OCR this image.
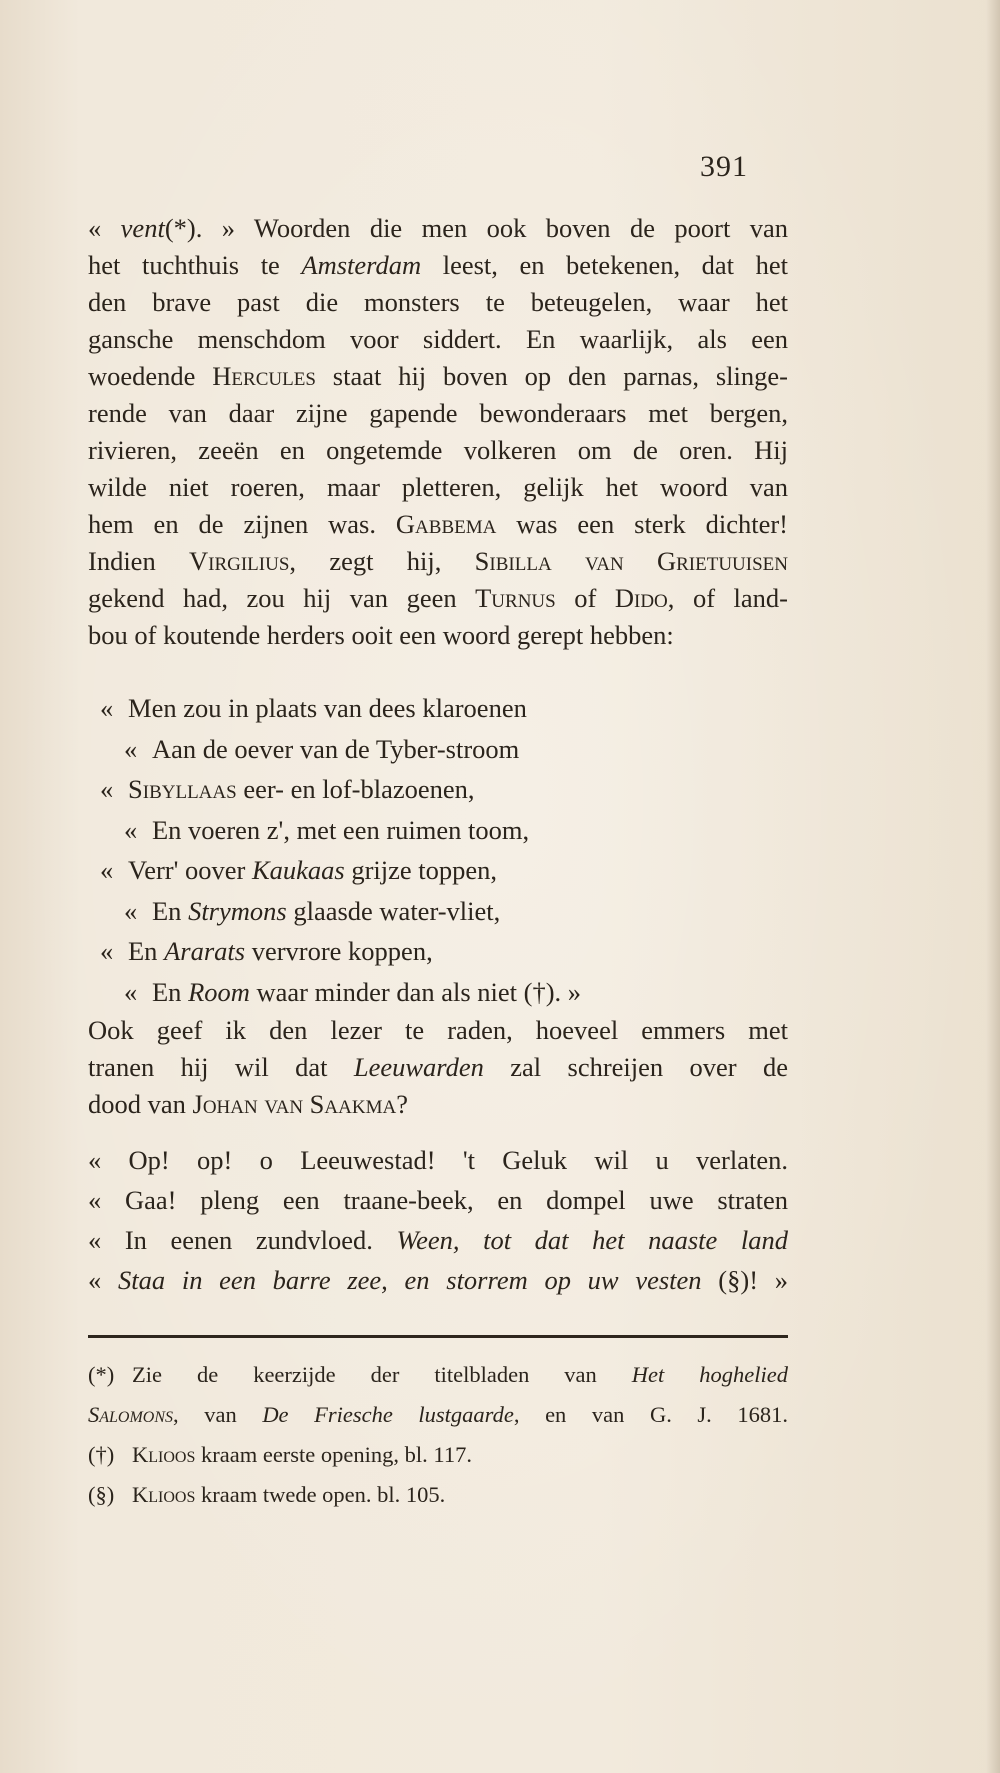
391
« vent(*). » Woorden die men ook boven de poort van
het tuchthuis te Amsterdam leest, en betekenen, dat het
den brave past die monsters te beteugelen, waar het
gansche menschdom voor siddert. En waarlijk, als een
woedende Hercules staat hij boven op den parnas, slinge-
rende van daar zijne gapende bewonderaars met bergen,
rivieren, zeeën en ongetemde volkeren om de oren. Hij
wilde niet roeren, maar pletteren, gelijk het woord van
hem en de zijnen was. Gabbema was een sterk dichter!
Indien Virgilius, zegt hij, Sibilla van Grietuuisen
gekend had, zou hij van geen Turnus of Dido, of land-
bou of koutende herders ooit een woord gerept hebben:
« Men zou in plaats van dees klaroenen
« Aan de oever van de Tyber-stroom
« Sibyllaas eer- en lof-blazoenen,
« En voeren z', met een ruimen toom,
« Verr' oover Kaukaas grijze toppen,
« En Strymons glaasde water-vliet,
« En Ararats vervrore koppen,
« En Room waar minder dan als niet (†). »
Ook geef ik den lezer te raden, hoeveel emmers met
tranen hij wil dat Leeuwarden zal schreijen over de
dood van Johan van Saakma?
« Op! op! o Leeuwestad! 't Geluk wil u verlaten.
« Gaa! pleng een traane-beek, en dompel uwe straten
« In eenen zundvloed. Ween, tot dat het naaste land
« Staa in een barre zee, en storrem op uw vesten (§)! »
(*) Zie de keerzijde der titelbladen van Het hoghelied
Salomons, van De Friesche lustgaarde, en van G. J. 1681.
(†) Klioos kraam eerste opening, bl. 117.
(§) Klioos kraam twede open. bl. 105.
